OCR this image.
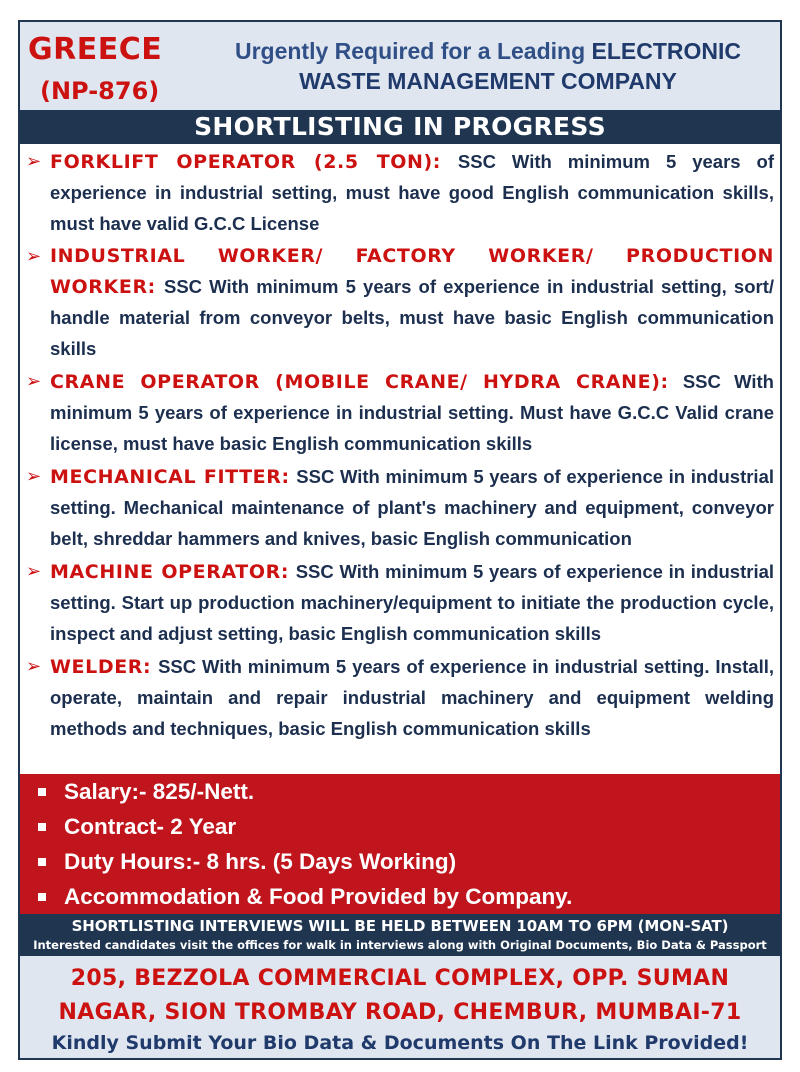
GREECE
(NP-876)
Urgently Required for a Leading ELECTRONIC WASTE MANAGEMENT COMPANY
SHORTLISTING IN PROGRESS
➢ FORKLIFT OPERATOR (2.5 TON): SSC With minimum 5 years of experience in industrial setting, must have good English communication skills, must have valid G.C.C License
➢ INDUSTRIAL WORKER/ FACTORY WORKER/ PRODUCTION WORKER: SSC With minimum 5 years of experience in industrial setting, sort/ handle material from conveyor belts, must have basic English communication skills
➢ CRANE OPERATOR (MOBILE CRANE/ HYDRA CRANE): SSC With minimum 5 years of experience in industrial setting. Must have G.C.C Valid crane license, must have basic English communication skills
➢ MECHANICAL FITTER: SSC With minimum 5 years of experience in industrial setting. Mechanical maintenance of plant's machinery and equipment, conveyor belt, shreddar hammers and knives, basic English communication
➢ MACHINE OPERATOR: SSC With minimum 5 years of experience in industrial setting. Start up production machinery/equipment to initiate the production cycle, inspect and adjust setting, basic English communication skills
➢ WELDER: SSC With minimum 5 years of experience in industrial setting. Install, operate, maintain and repair industrial machinery and equipment welding methods and techniques, basic English communication skills
Salary:- 825/-Nett.
Contract- 2 Year
Duty Hours:- 8 hrs. (5 Days Working)
Accommodation & Food Provided by Company.
SHORTLISTING INTERVIEWS WILL BE HELD BETWEEN 10AM TO 6PM (MON-SAT)
Interested candidates visit the offices for walk in interviews along with Original Documents, Bio Data & Passport
205, BEZZOLA COMMERCIAL COMPLEX, OPP. SUMAN
NAGAR, SION TROMBAY ROAD, CHEMBUR, MUMBAI-71
Kindly Submit Your Bio Data & Documents On The Link Provided!
